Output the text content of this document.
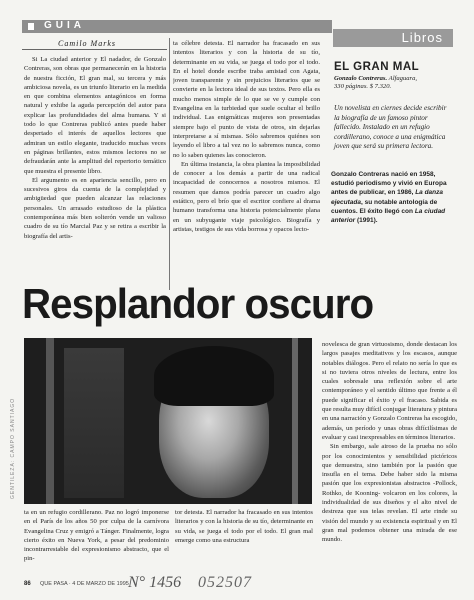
GUIA
Camilo Marks

Si La ciudad anterior y El nadador, de Gonzalo Contreras, son obras que permanecerán en la historia de nuestra ficción, El gran mal, su tercera y más ambiciosa novela, es un triunfo literario en la medida en que combina elementos antagónicos en forma natural y exhibe la aguda percepción del autor para explicar las profundidades del alma humana. Y si todo lo que Contreras publicó antes puede haber despertado el interés de aquellos lectores que admiran un estilo elegante, traducido muchas veces en páginas brillantes, estos mismos lectores no se defraudarán ante la amplitud del repertorio temático que muestra el presente libro.

El argumento es en apariencia sencillo, pero en sucesivos giros da cuenta de la complejidad y ambigüedad que pueden alcanzar las relaciones personales. Un arrasado estudioso de la plástica contemporánea más bien solterón vende un valioso cuadro de su tío Marcial Paz y se retira a escribir la biografía del artis-

ta célebre detesta. El narrador ha fracasado en sus intentos literarios y con la historia de su tío, determinante en su vida, se juega el todo por el todo. En el hotel donde escribe traba amistad con Agata, joven transparente y sin prejuicios literarios que se convierte en la lectora ideal de sus textos. Pero ella es mucho menos simple de lo que se ve y cumple con Evangelina en la turbiedad que suele ocultar el brillo individual. Las enigmáticas mujeres son presentadas siempre bajo el punto de vista de otros, sin dejarlas interpretarse a sí mismas. Sólo sabremos quiénes son leyendo el libro a tal vez no lo sabremos nunca, como no lo saben quienes las conocieron.

En última instancia, la obra plantea la imposibilidad de conocer a los demás a partir de una radical incapacidad de conocernos a nosotros mismos. El resumen que damos podría parecer un cuadro algo estático, pero el brío que el escritor confiere al drama humano transforma una historia potencialmente plana en un subyugante viaje psicológico. Biografía y artistas, testigos de sus vida borrosa y opacos lecto-

Libros
EL GRAN MAL
Gonzalo Contreras. Alfaguara,
330 páginas. $ 7.320.
Un novelista en ciernes decide escribir la biografía de un famoso pintor fallecido. Instalado en un refugio cordillerano, conoce a una enigmática joven que será su primera lectora.
Gonzalo Contreras nació en 1958, estudió periodismo y vivió en Europa antes de publicar, en 1986, La danza ejecutada, su notable antología de cuentos. El éxito llegó con La ciudad anterior (1991).
Resplandor oscuro
GENTILEZA: CAMPO SANTIAGO

ta en un refugio cordillerano. Paz no logró imponerse en el París de los años 50 por culpa de la carnívora Evangelina Cruz y emigró a Tánger. Finalmente, logra cierto éxito en Nueva York, a pesar del predominio incontrarrestable del expresionismo abstracto, que el pin-

tor detesta. El narrador ha fracasado en sus intentos literarios y con la historia de su tío, determinante en su vida, se juega el todo por el todo. El gran mal emerge como una estructura

novelesca de gran virtuosismo, donde destacan los largos pasajes meditativos y los escasos, aunque notables diálogos. Pero el relato no sería lo que es si no tuviera otros niveles de lectura, entre los cuales sobresale una reflexión sobre el arte contemporáneo y el sentido último que frente a él puede significar el éxito y el fracaso. Sabida es que resulta muy difícil conjugar literatura y pintura en una narración y Gonzalo Contreras ha escogido, además, un período y unas obras difícilísimas de evaluar y casi inexpresables en términos literarios.

Sin embargo, sale airoso de la prueba no sólo por los conocimientos y sensibilidad pictóricos que demuestra, sino también por la pasión que insufla en el tema. Debe haber sido la misma pasión que los expresionistas abstractos -Pollock, Rothko, de Kooning- volcaron en los colores, la individualidad de sus diseños y el alto nivel de destreza que sus telas revelan. El arte rinde su visión del mundo y su existencia espiritual y en El gran mal podemos obtener una mirada de ese mundo.

86 QUE PASA · 4 DE MARZO DE 1995 N° 1456 052507
